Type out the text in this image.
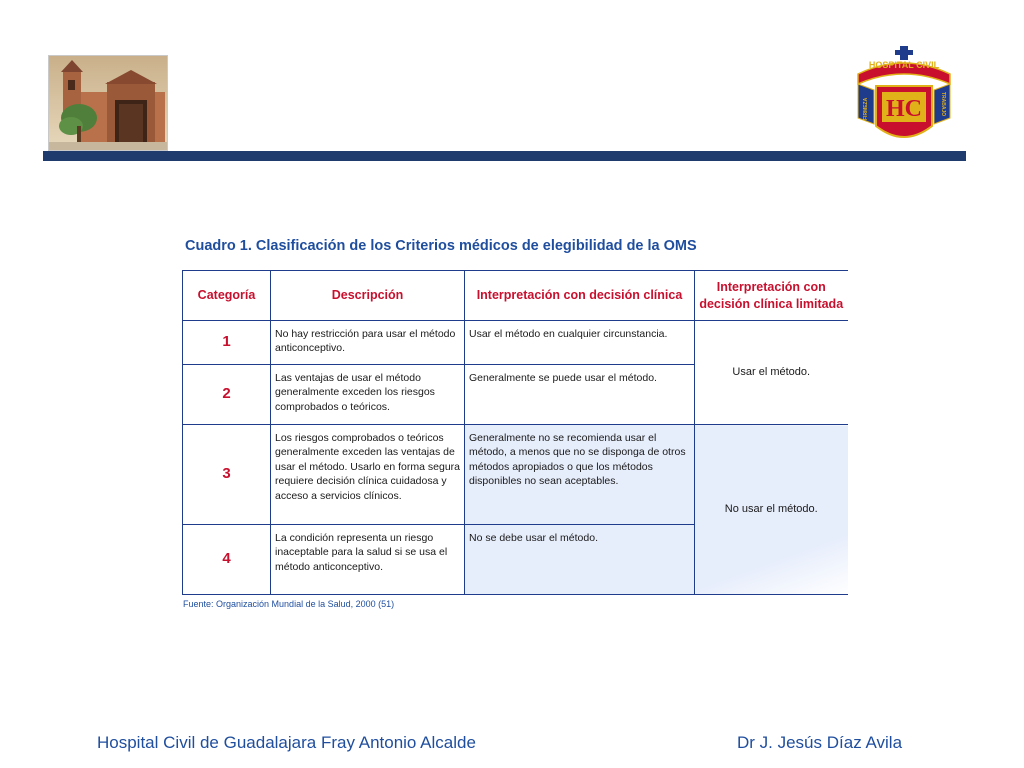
HOSPITAL CIVIL
HC
FIRMEZA	TRABAJO
Cuadro 1. Clasificación de los Criterios médicos de elegibilidad de la OMS
Categoría	Descripción	Interpretación con decisión clínica	Interpretación con decisión clínica limitada
1	No hay restricción para usar el método anticonceptivo.	Usar el método en cualquier circunstancia.	Usar el método.
2	Las ventajas de usar el método generalmente exceden los riesgos comprobados o teóricos.	Generalmente se puede usar el método.	
3	Los riesgos comprobados o teóricos generalmente exceden las ventajas de usar el método. Usarlo en forma segura requiere decisión clínica cuidadosa y acceso a servicios clínicos.	Generalmente no se recomienda usar el método, a menos que no se disponga de otros métodos apropiados o que los métodos disponibles no sean aceptables.	No usar el método.
4	La condición representa un riesgo inaceptable para la salud si se usa el método anticonceptivo.	No se debe usar el método.	
Fuente: Organización Mundial de la Salud, 2000 (51)
Hospital Civil de Guadalajara Fray Antonio Alcalde	Dr J. Jesús Díaz Avila
